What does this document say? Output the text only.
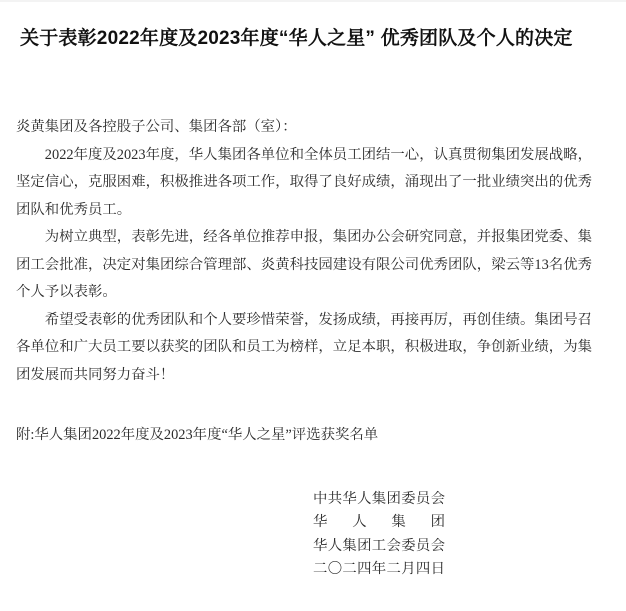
关于表彰2022年度及2023年度“华人之星” 优秀团队及个人的决定

炎黄集团及各控股子公司、集团各部（室）：

2022年度及2023年度，华人集团各单位和全体员工团结一心，认真贯彻集团发展战略，坚定信心，克服困难，积极推进各项工作，取得了良好成绩，涌现出了一批业绩突出的优秀团队和优秀员工。

为树立典型，表彰先进，经各单位推荐申报，集团办公会研究同意，并报集团党委、集团工会批准，决定对集团综合管理部、炎黄科技园建设有限公司优秀团队，梁云等13名优秀个人予以表彰。

希望受表彰的优秀团队和个人要珍惜荣誉，发扬成绩，再接再厉，再创佳绩。集团号召各单位和广大员工要以获奖的团队和员工为榜样，立足本职，积极进取，争创新业绩，为集团发展而共同努力奋斗！

附:华人集团2022年度及2023年度“华人之星”评选获奖名单

中共华人集团委员会
华 人 集 团
华人集团工会委员会
二〇二四年二月四日
